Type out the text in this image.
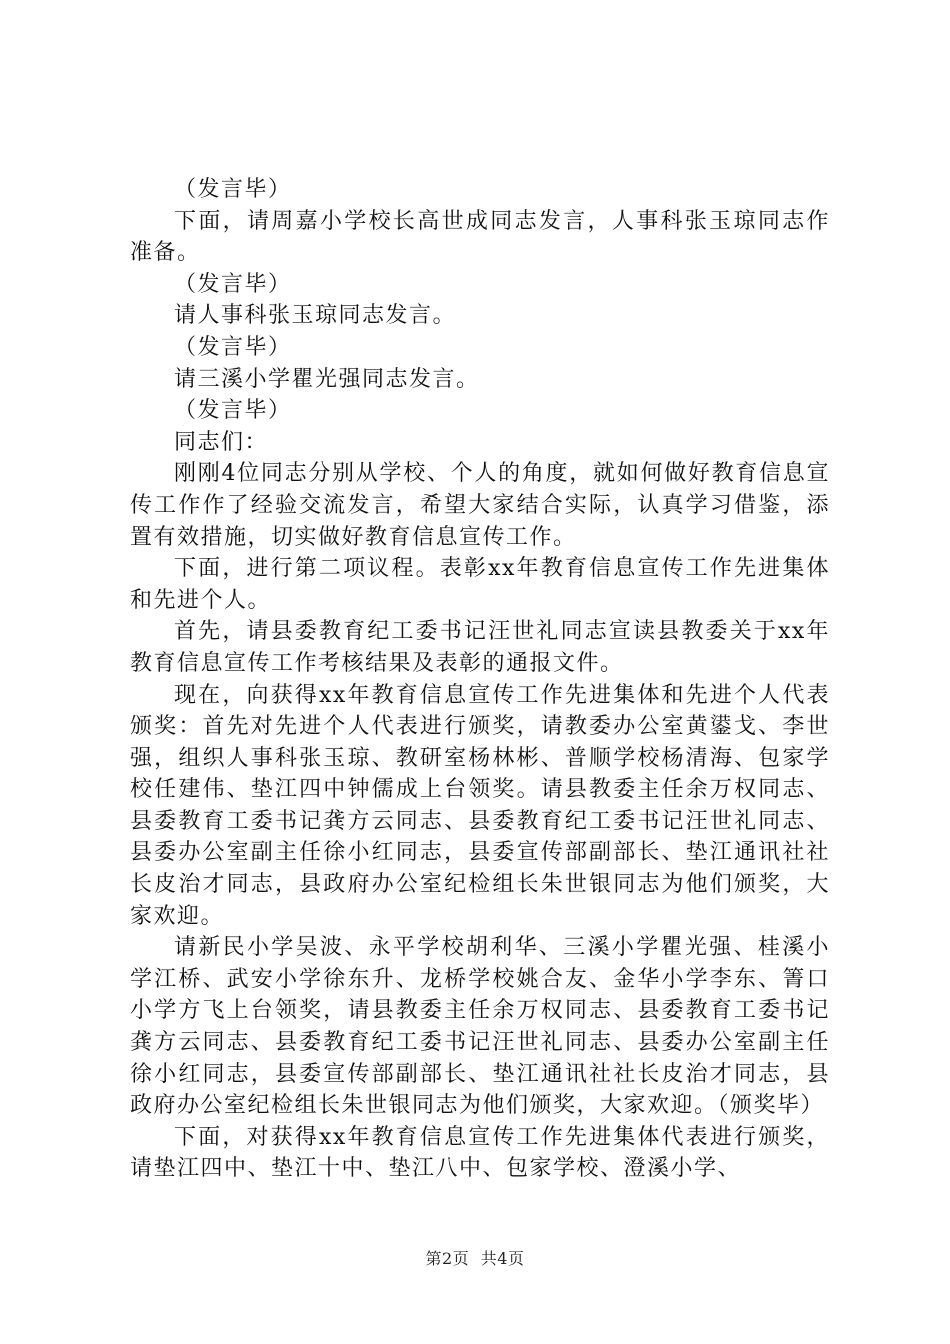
（发言毕）

下面，请周嘉小学校长高世成同志发言，人事科张玉琼同志作准备。

（发言毕）

请人事科张玉琼同志发言。

（发言毕）

请三溪小学瞿光强同志发言。

（发言毕）

同志们：

刚刚4位同志分别从学校、个人的角度，就如何做好教育信息宣传工作作了经验交流发言，希望大家结合实际，认真学习借鉴，添置有效措施，切实做好教育信息宣传工作。

下面，进行第二项议程。表彰xx年教育信息宣传工作先进集体和先进个人。

首先，请县委教育纪工委书记汪世礼同志宣读县教委关于xx年教育信息宣传工作考核结果及表彰的通报文件。

现在，向获得xx年教育信息宣传工作先进集体和先进个人代表颁奖：首先对先进个人代表进行颁奖，请教委办公室黄鍙戈、李世强，组织人事科张玉琼、教研室杨林彬、普顺学校杨清海、包家学校任建伟、垫江四中钟儒成上台领奖。请县教委主任余万权同志、县委教育工委书记龚方云同志、县委教育纪工委书记汪世礼同志、县委办公室副主任徐小红同志，县委宣传部副部长、垫江通讯社社长皮治才同志，县政府办公室纪检组长朱世银同志为他们颁奖，大家欢迎。

请新民小学吴波、永平学校胡利华、三溪小学瞿光强、桂溪小学江桥、武安小学徐东升、龙桥学校姚合友、金华小学李东、箐口小学方飞上台领奖，请县教委主任余万权同志、县委教育工委书记龚方云同志、县委教育纪工委书记汪世礼同志、县委办公室副主任徐小红同志，县委宣传部副部长、垫江通讯社社长皮治才同志，县政府办公室纪检组长朱世银同志为他们颁奖，大家欢迎。（颁奖毕）

下面，对获得xx年教育信息宣传工作先进集体代表进行颁奖，请垫江四中、垫江十中、垫江八中、包家学校、澄溪小学、

第2页 共4页
